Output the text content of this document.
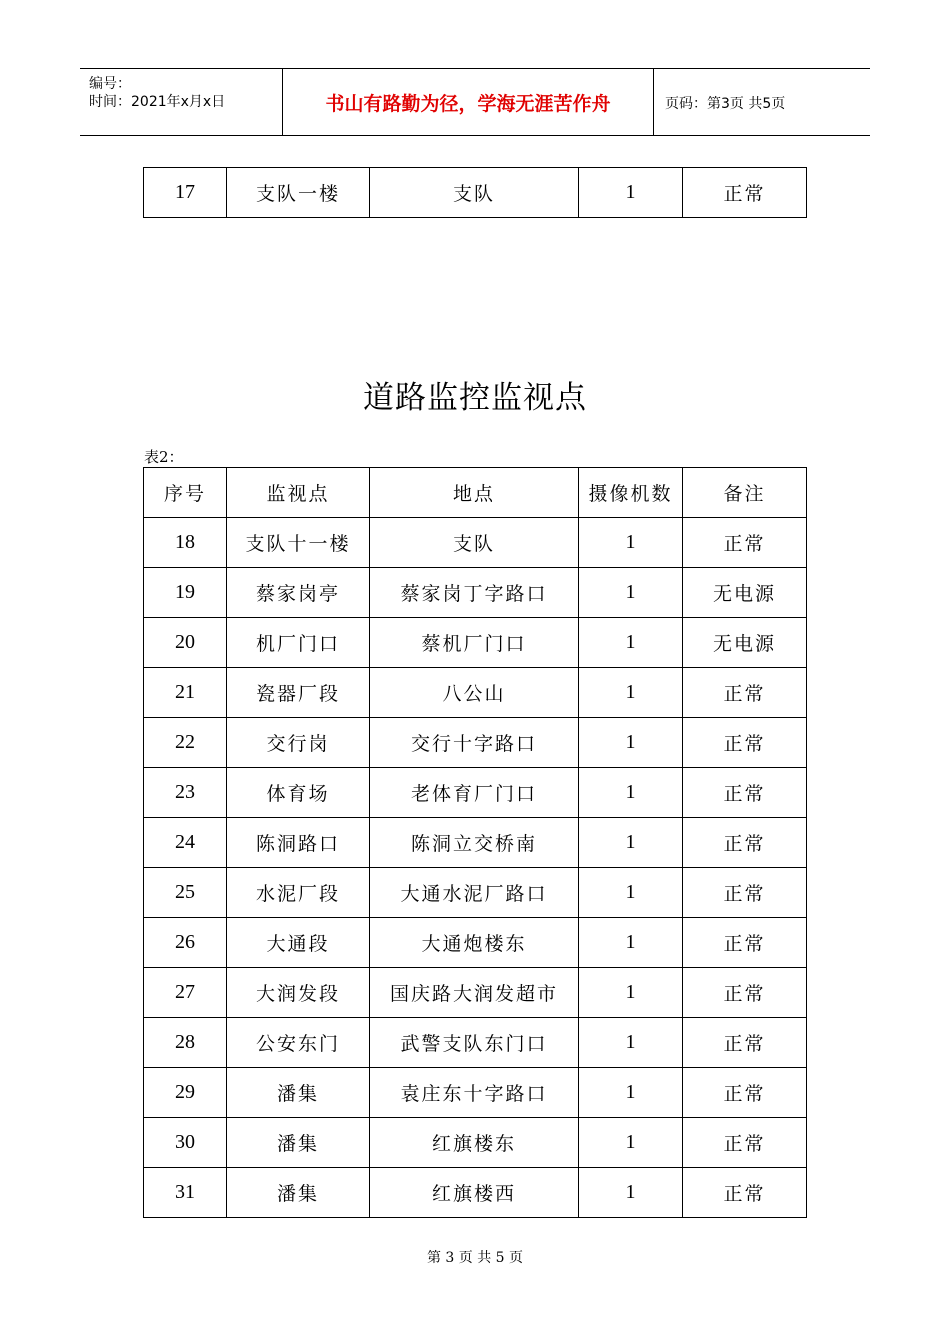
编号：
时间：2021年x月x日	书山有路勤为径，学海无涯苦作舟	页码：第3页 共5页
17	支队一楼	支队	1	正常
道路监控监视点
表2：
序号	监视点	地点	摄像机数	备注
18	支队十一楼	支队	1	正常
19	蔡家岗亭	蔡家岗丁字路口	1	无电源
20	机厂门口	蔡机厂门口	1	无电源
21	瓷器厂段	八公山	1	正常
22	交行岗	交行十字路口	1	正常
23	体育场	老体育厂门口	1	正常
24	陈洞路口	陈洞立交桥南	1	正常
25	水泥厂段	大通水泥厂路口	1	正常
26	大通段	大通炮楼东	1	正常
27	大润发段	国庆路大润发超市	1	正常
28	公安东门	武警支队东门口	1	正常
29	潘集	袁庄东十字路口	1	正常
30	潘集	红旗楼东	1	正常
31	潘集	红旗楼西	1	正常
第 3 页 共 5 页
